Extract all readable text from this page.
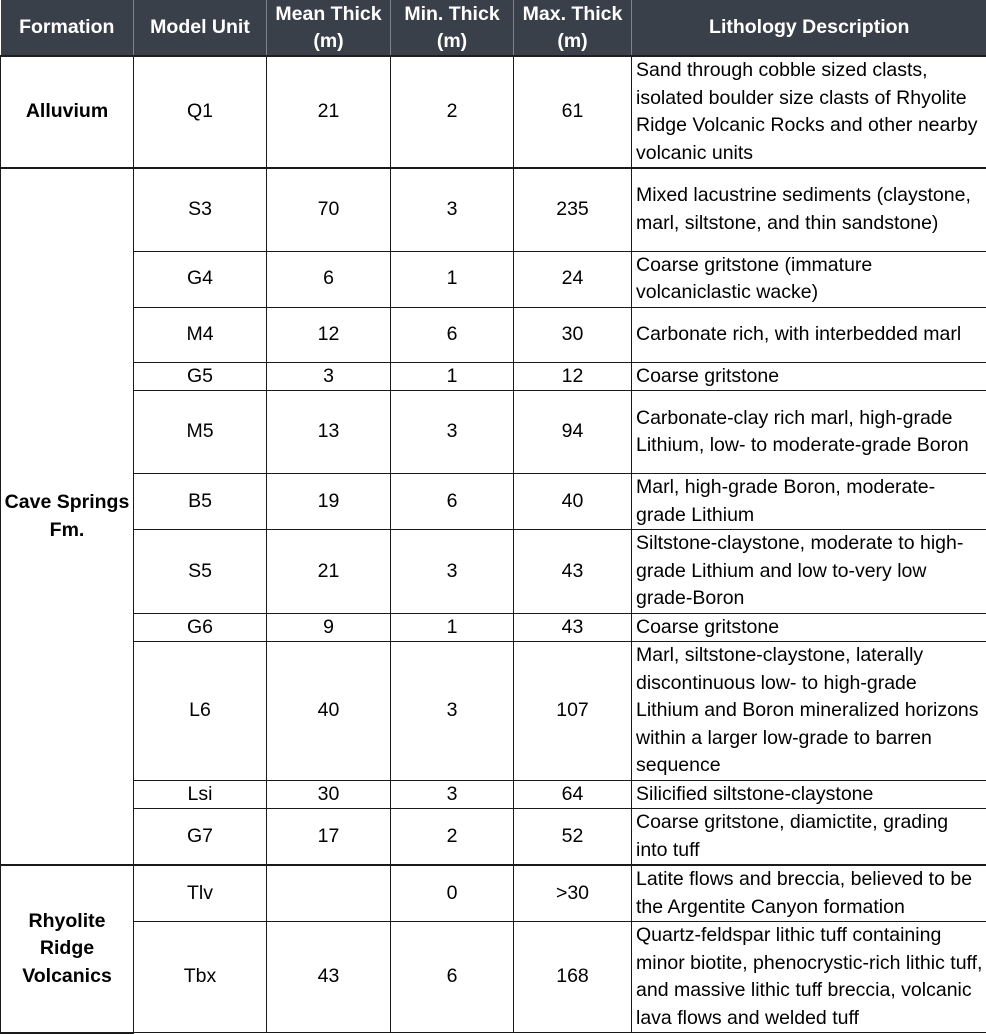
Formation	Model Unit	Mean Thick (m)	Min. Thick (m)	Max. Thick (m)	Lithology Description
Alluvium	Q1	21	2	61	Sand through cobble sized clasts, isolated boulder size clasts of Rhyolite Ridge Volcanic Rocks and other nearby volcanic units
Cave Springs Fm.	S3	70	3	235	Mixed lacustrine sediments (claystone, marl, siltstone, and thin sandstone)
	G4	6	1	24	Coarse gritstone (immature volcaniclastic wacke)
	M4	12	6	30	Carbonate rich, with interbedded marl
	G5	3	1	12	Coarse gritstone
	M5	13	3	94	Carbonate-clay rich marl, high-grade Lithium, low- to moderate-grade Boron
	B5	19	6	40	Marl, high-grade Boron, moderate-grade Lithium
	S5	21	3	43	Siltstone-claystone, moderate to high-grade Lithium and low to-very low grade-Boron
	G6	9	1	43	Coarse gritstone
	L6	40	3	107	Marl, siltstone-claystone, laterally discontinuous low- to high-grade Lithium and Boron mineralized horizons within a larger low-grade to barren sequence
	Lsi	30	3	64	Silicified siltstone-claystone
	G7	17	2	52	Coarse gritstone, diamictite, grading into tuff
Rhyolite Ridge Volcanics	Tlv		0	>30	Latite flows and breccia, believed to be the Argentite Canyon formation
	Tbx	43	6	168	Quartz-feldspar lithic tuff containing minor biotite, phenocrystic-rich lithic tuff, and massive lithic tuff breccia, volcanic lava flows and welded tuff
